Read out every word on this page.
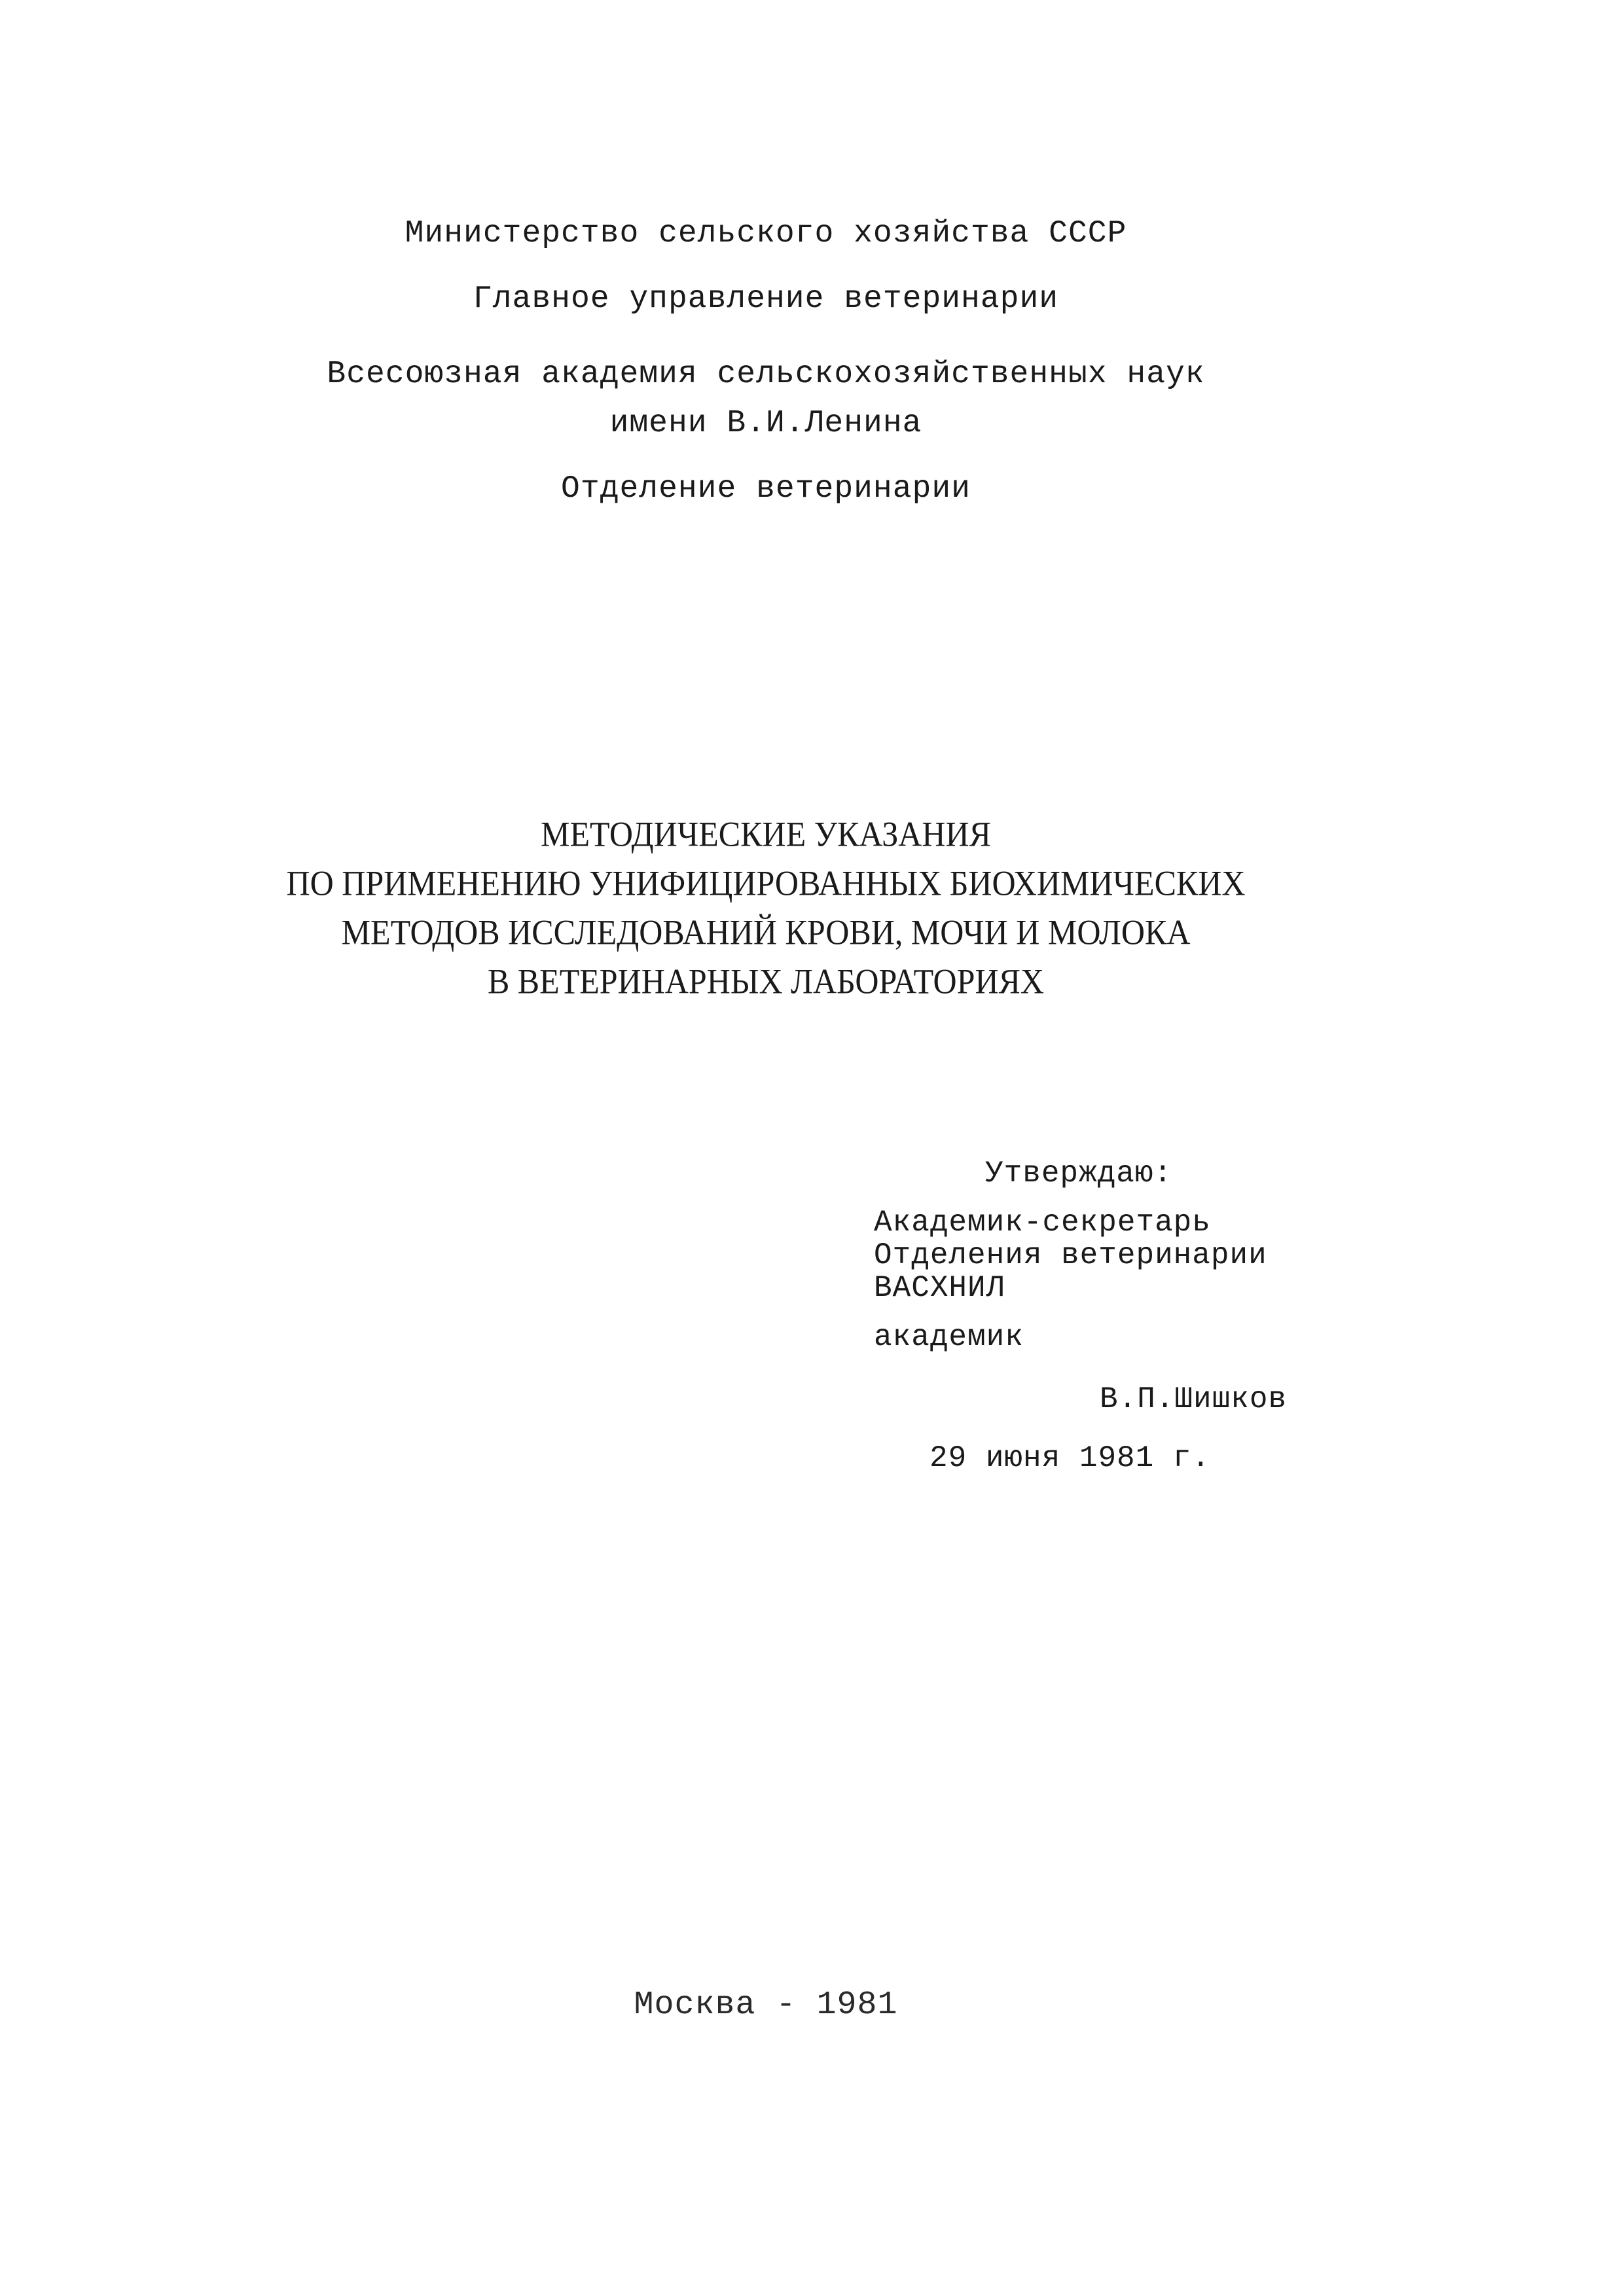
Министерство сельского хозяйства СССР
Главное управление ветеринарии
Всесоюзная академия сельскохозяйственных наук
имени В.И.Ленина
Отделение ветеринарии
МЕТОДИЧЕСКИЕ УКАЗАНИЯ
ПО ПРИМЕНЕНИЮ УНИФИЦИРОВАННЫХ БИОХИМИЧЕСКИХ
МЕТОДОВ ИССЛЕДОВАНИЙ КРОВИ, МОЧИ И МОЛОКА
В ВЕТЕРИНАРНЫХ ЛАБОРАТОРИЯХ
Утверждаю:
Академик-секретарь
Отделения ветеринарии
ВАСХНИЛ
академик
В.П.Шишков
29 июня 1981 г.
Москва - 1981
